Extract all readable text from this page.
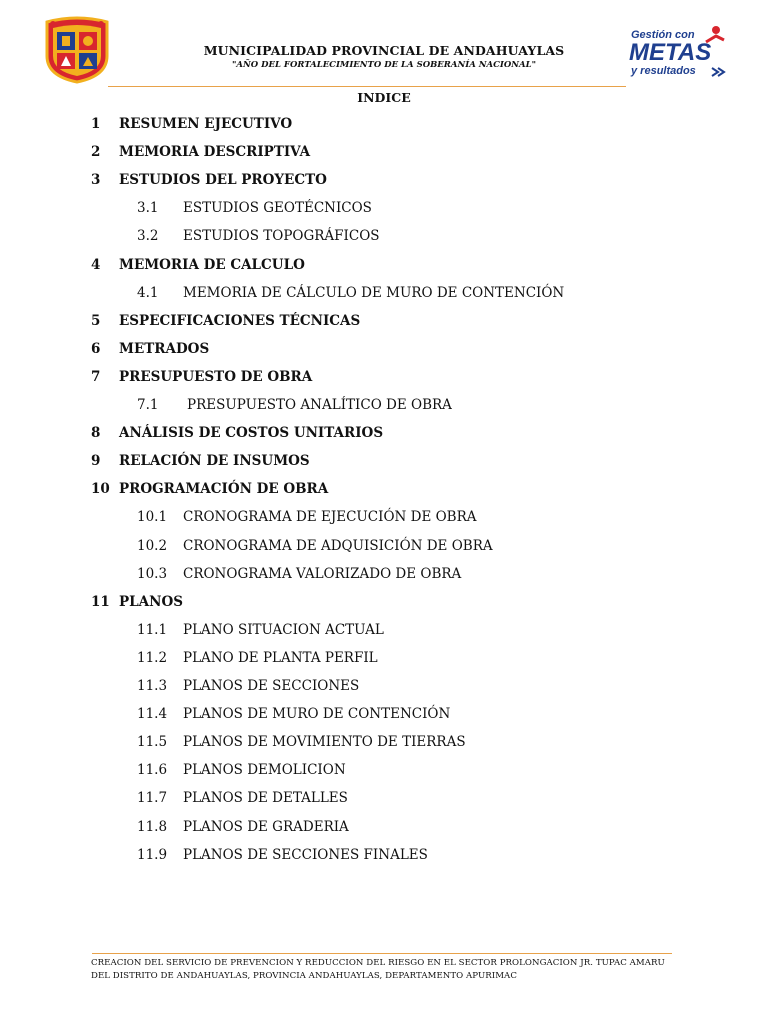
MUNICIPALIDAD PROVINCIAL DE ANDAHUAYLAS
"AÑO DEL FORTALECIMIENTO DE LA SOBERANÍA NACIONAL"
Gestión con
METAS
y resultados
INDICE
1 RESUMEN EJECUTIVO
2 MEMORIA DESCRIPTIVA
3 ESTUDIOS DEL PROYECTO
3.1 ESTUDIOS GEOTÉCNICOS
3.2 ESTUDIOS TOPOGRÁFICOS
4 MEMORIA DE CALCULO
4.1 MEMORIA DE CÁLCULO DE MURO DE CONTENCIÓN
5 ESPECIFICACIONES TÉCNICAS
6 METRADOS
7 PRESUPUESTO DE OBRA
7.1 PRESUPUESTO ANALÍTICO DE OBRA
8 ANÁLISIS DE COSTOS UNITARIOS
9 RELACIÓN DE INSUMOS
10 PROGRAMACIÓN DE OBRA
10.1 CRONOGRAMA DE EJECUCIÓN DE OBRA
10.2 CRONOGRAMA DE ADQUISICIÓN DE OBRA
10.3 CRONOGRAMA VALORIZADO DE OBRA
11 PLANOS
11.1 PLANO SITUACION ACTUAL
11.2 PLANO DE PLANTA PERFIL
11.3 PLANOS DE SECCIONES
11.4 PLANOS DE MURO DE CONTENCIÓN
11.5 PLANOS DE MOVIMIENTO DE TIERRAS
11.6 PLANOS DEMOLICION
11.7 PLANOS DE DETALLES
11.8 PLANOS DE GRADERIA
11.9 PLANOS DE SECCIONES FINALES
CREACION DEL SERVICIO DE PREVENCION Y REDUCCION DEL RIESGO EN EL SECTOR PROLONGACION JR. TUPAC AMARU
DEL DISTRITO DE ANDAHUAYLAS, PROVINCIA ANDAHUAYLAS, DEPARTAMENTO APURIMAC
